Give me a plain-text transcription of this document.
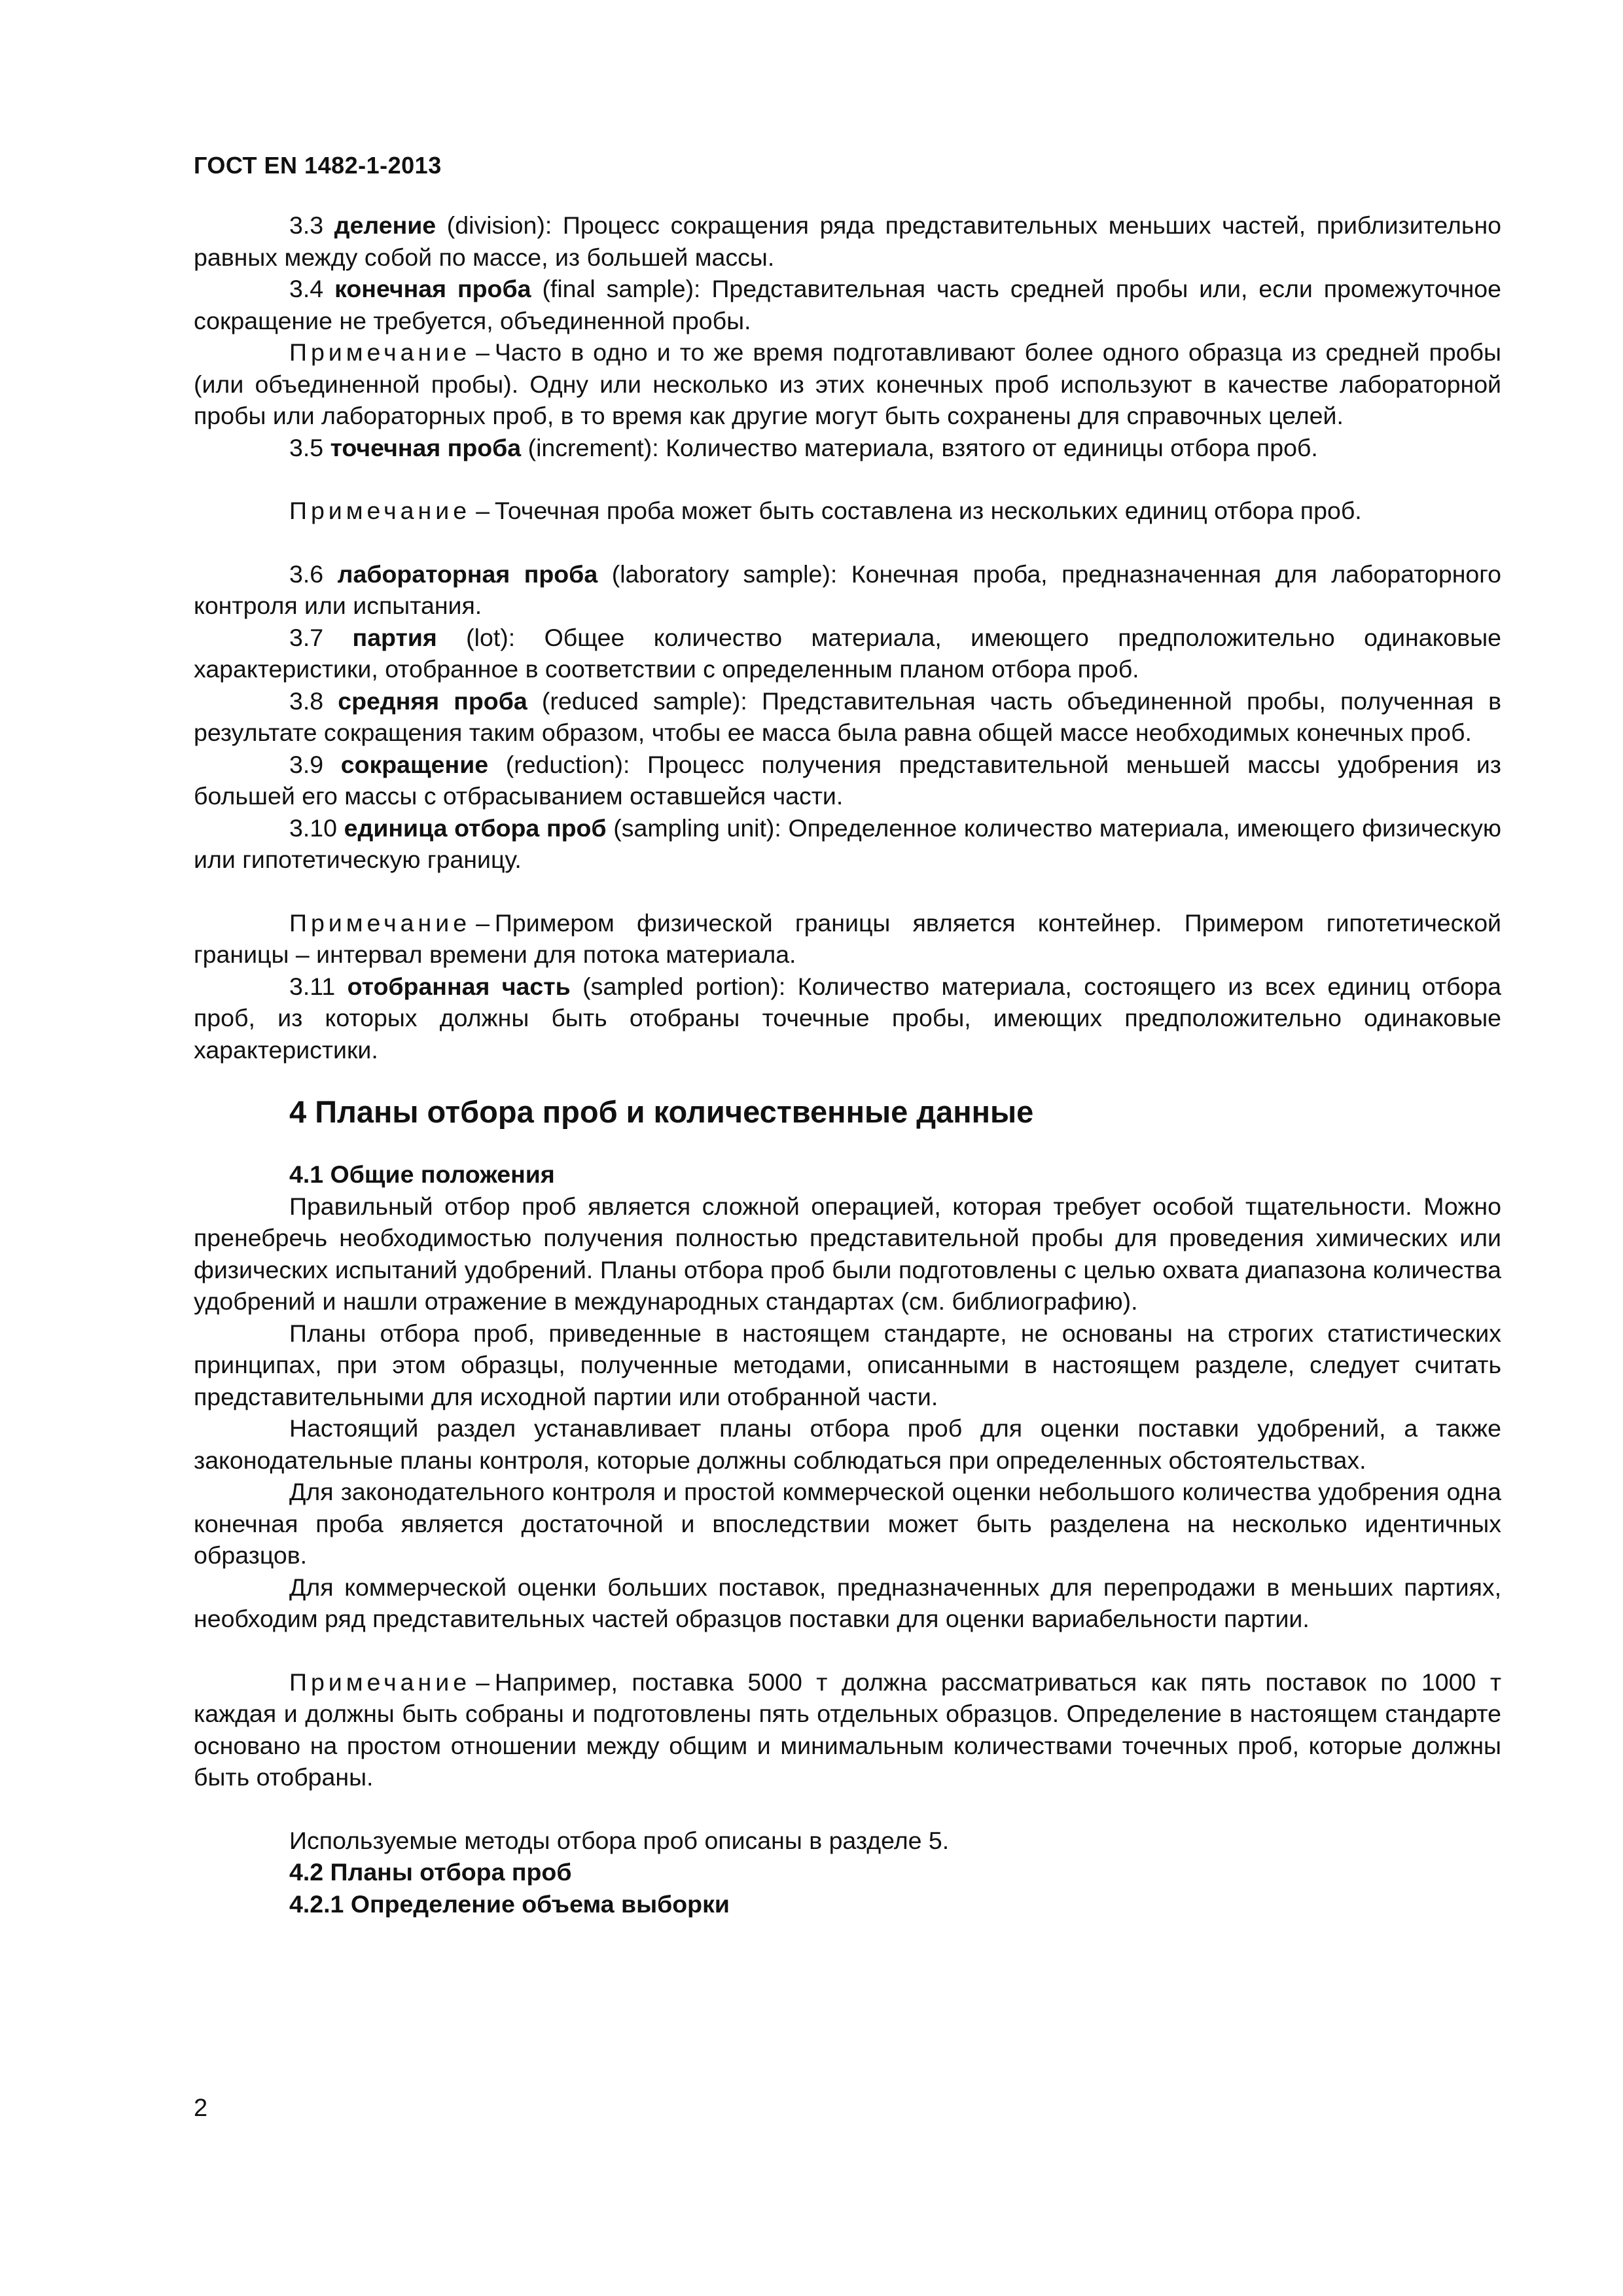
ГОСТ EN 1482-1-2013

3.3 деление (division): Процесс сокращения ряда представительных меньших частей, приблизительно равных между собой по массе, из большей массы.

3.4 конечная проба (final sample): Представительная часть средней пробы или, если промежуточное сокращение не требуется, объединенной пробы.

Примечание – Часто в одно и то же время подготавливают более одного образца из средней пробы (или объединенной пробы). Одну или несколько из этих конечных проб используют в качестве лабораторной пробы или лабораторных проб, в то время как другие могут быть сохранены для справочных целей.

3.5 точечная проба (increment): Количество материала, взятого от единицы отбора проб.

Примечание – Точечная проба может быть составлена из нескольких единиц отбора проб.

3.6 лабораторная проба (laboratory sample): Конечная проба, предназначенная для лабораторного контроля или испытания.

3.7 партия (lot): Общее количество материала, имеющего предположительно одинаковые характеристики, отобранное в соответствии с определенным планом отбора проб.

3.8 средняя проба (reduced sample): Представительная часть объединенной пробы, полученная в результате сокращения таким образом, чтобы ее масса была равна общей массе необходимых конечных проб.

3.9 сокращение (reduction): Процесс получения представительной меньшей массы удобрения из большей его массы с отбрасыванием оставшейся части.

3.10 единица отбора проб (sampling unit): Определенное количество материала, имеющего физическую или гипотетическую границу.

Примечание – Примером физической границы является контейнер. Примером гипотетической границы – интервал времени для потока материала.

3.11 отобранная часть (sampled portion): Количество материала, состоящего из всех единиц отбора проб, из которых должны быть отобраны точечные пробы, имеющих предположительно одинаковые характеристики.

4 Планы отбора проб и количественные данные

4.1 Общие положения

Правильный отбор проб является сложной операцией, которая требует особой тщательности. Можно пренебречь необходимостью получения полностью представительной пробы для проведения химических или физических испытаний удобрений. Планы отбора проб были подготовлены с целью охвата диапазона количества удобрений и нашли отражение в международных стандартах (см. библиографию).

Планы отбора проб, приведенные в настоящем стандарте, не основаны на строгих статистических принципах, при этом образцы, полученные методами, описанными в настоящем разделе, следует считать представительными для исходной партии или отобранной части.

Настоящий раздел устанавливает планы отбора проб для оценки поставки удобрений, а также законодательные планы контроля, которые должны соблюдаться при определенных обстоятельствах.

Для законодательного контроля и простой коммерческой оценки небольшого количества удобрения одна конечная проба является достаточной и впоследствии может быть разделена на несколько идентичных образцов.

Для коммерческой оценки больших поставок, предназначенных для перепродажи в меньших партиях, необходим ряд представительных частей образцов поставки для оценки вариабельности партии.

Примечание – Например, поставка 5000 т должна рассматриваться как пять поставок по 1000 т каждая и должны быть собраны и подготовлены пять отдельных образцов. Определение в настоящем стандарте основано на простом отношении между общим и минимальным количествами точечных проб, которые должны быть отобраны.

Используемые методы отбора проб описаны в разделе 5.

4.2 Планы отбора проб

4.2.1 Определение объема выборки

2
